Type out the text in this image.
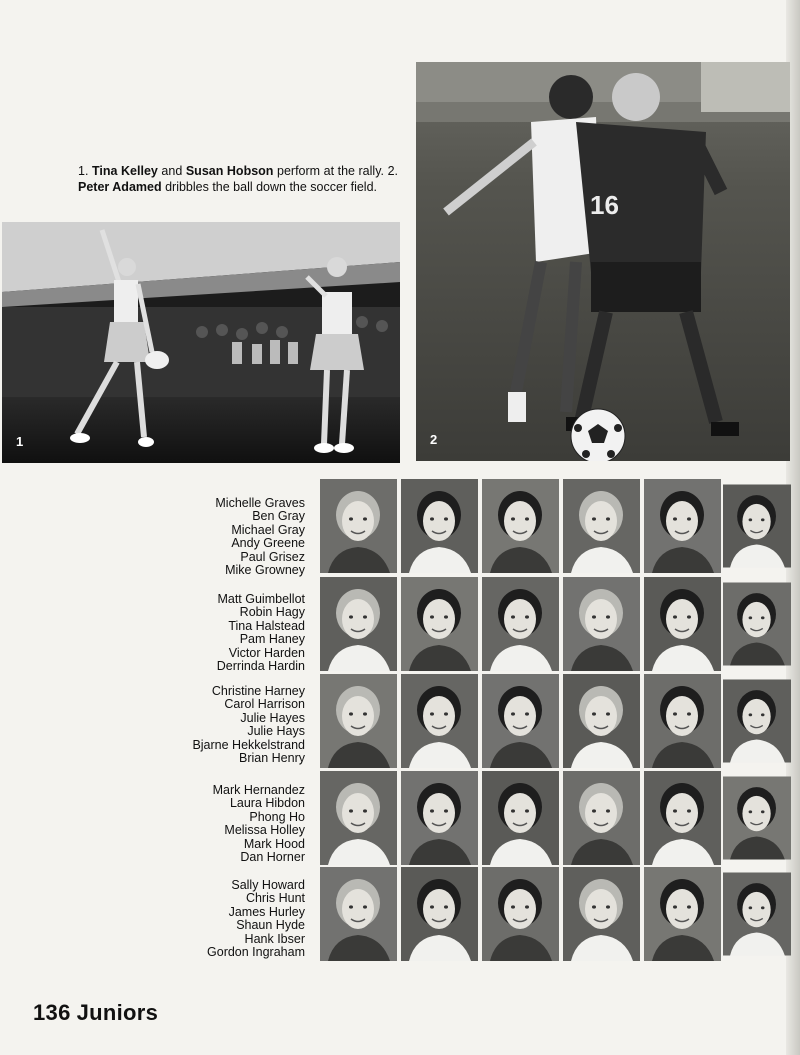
1. Tina Kelley and Susan Hobson perform at the rally. 2. Peter Adamed dribbles the ball down the soccer field.
1
16
2
Michelle Graves
Ben Gray
Michael Gray
Andy Greene
Paul Grisez
Mike Growney
Matt Guimbellot
Robin Hagy
Tina Halstead
Pam Haney
Victor Harden
Derrinda Hardin
Christine Harney
Carol Harrison
Julie Hayes
Julie Hays
Bjarne Hekkelstrand
Brian Henry
Mark Hernandez
Laura Hibdon
Phong Ho
Melissa Holley
Mark Hood
Dan Horner
Sally Howard
Chris Hunt
James Hurley
Shaun Hyde
Hank Ibser
Gordon Ingraham
136 Juniors
